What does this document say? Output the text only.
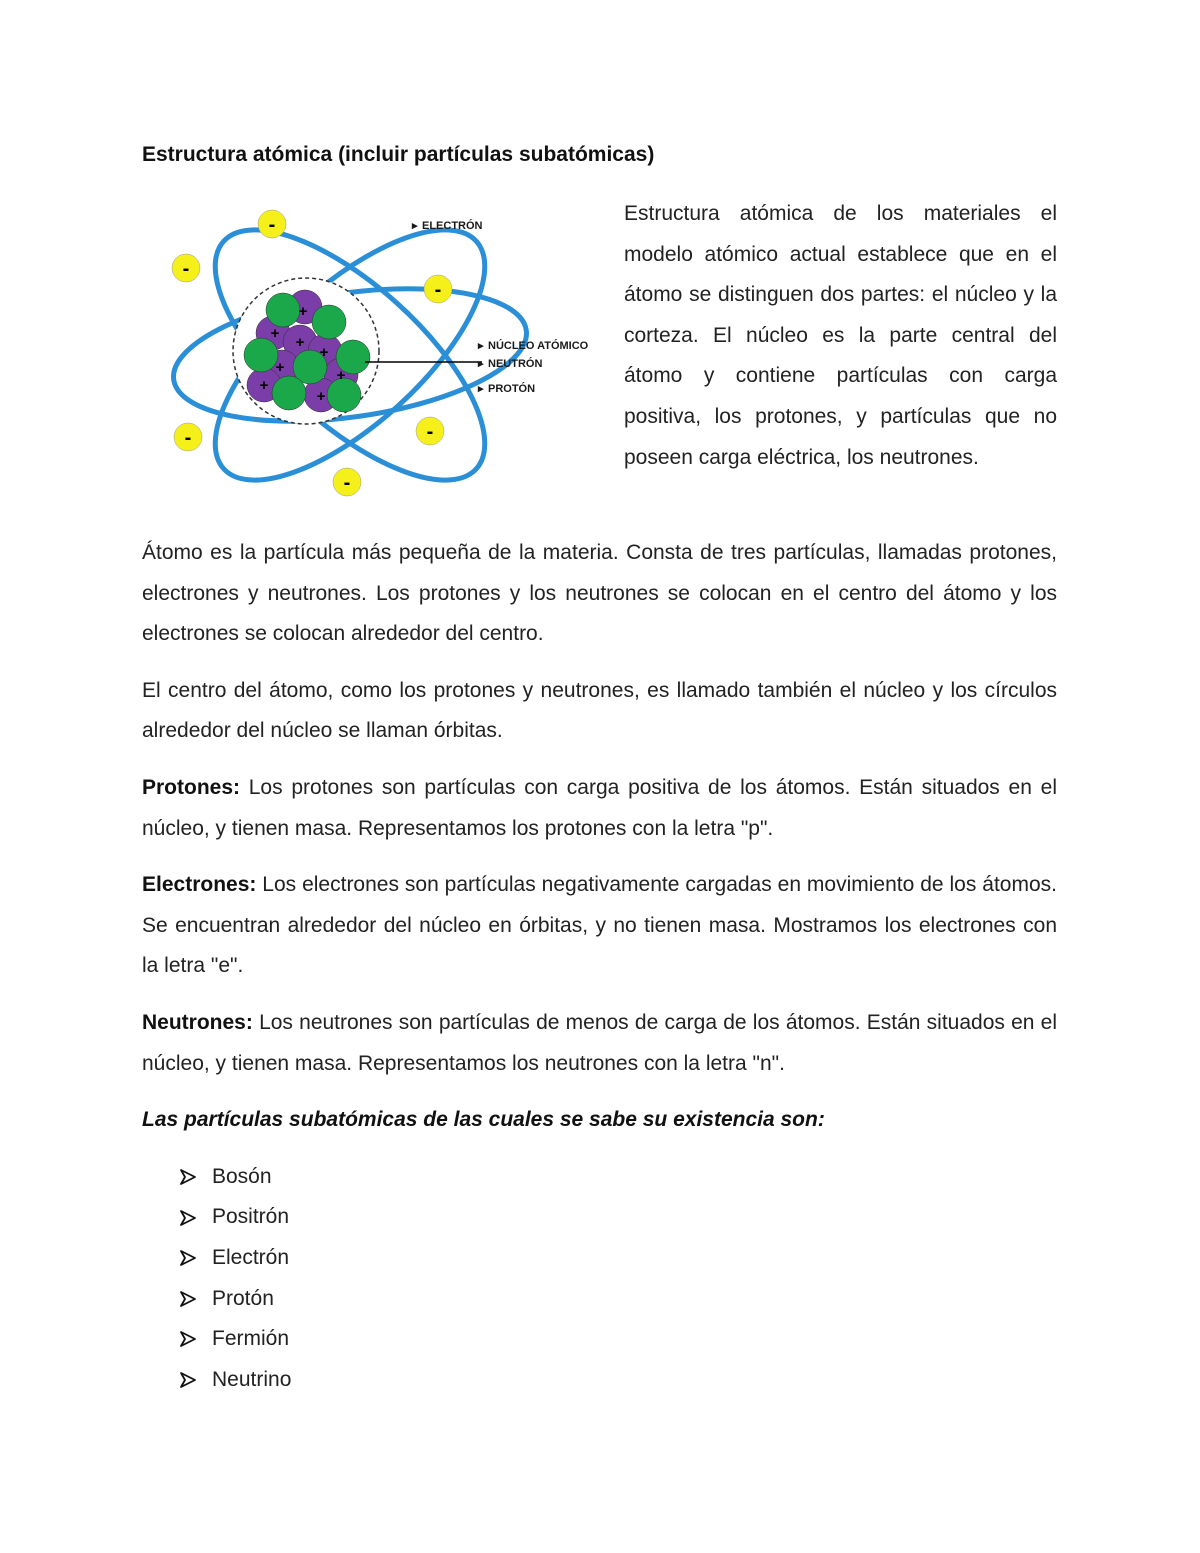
Estructura atómica (incluir partículas subatómicas)
+
+
+
+
+	+
+
+
-
-
-
-	-
-
▸ ELECTRÓN
▸ NÚCLEO ATÓMICO
▸ NEUTRÓN
▸ PROTÓN

Estructura atómica de los materiales el modelo atómico actual establece que en el átomo se distinguen dos partes: el núcleo y la corteza. El núcleo es la parte central del átomo y contiene partículas con carga positiva, los protones, y partículas que no poseen carga eléctrica, los neutrones.

Átomo es la partícula más pequeña de la materia. Consta de tres partículas, llamadas protones, electrones y neutrones. Los protones y los neutrones se colocan en el centro del átomo y los electrones se colocan alrededor del centro.

El centro del átomo, como los protones y neutrones, es llamado también el núcleo y los círculos alrededor del núcleo se llaman órbitas.

Protones: Los protones son partículas con carga positiva de los átomos. Están situados en el núcleo, y tienen masa. Representamos los protones con la letra "p".

Electrones: Los electrones son partículas negativamente cargadas en movimiento de los átomos. Se encuentran alrededor del núcleo en órbitas, y no tienen masa. Mostramos los electrones con la letra "e".

Neutrones: Los neutrones son partículas de menos de carga de los átomos. Están situados en el núcleo, y tienen masa. Representamos los neutrones con la letra "n".

Las partículas subatómicas de las cuales se sabe su existencia son:

Bosón
Positrón
Electrón
Protón
Fermión
Neutrino
